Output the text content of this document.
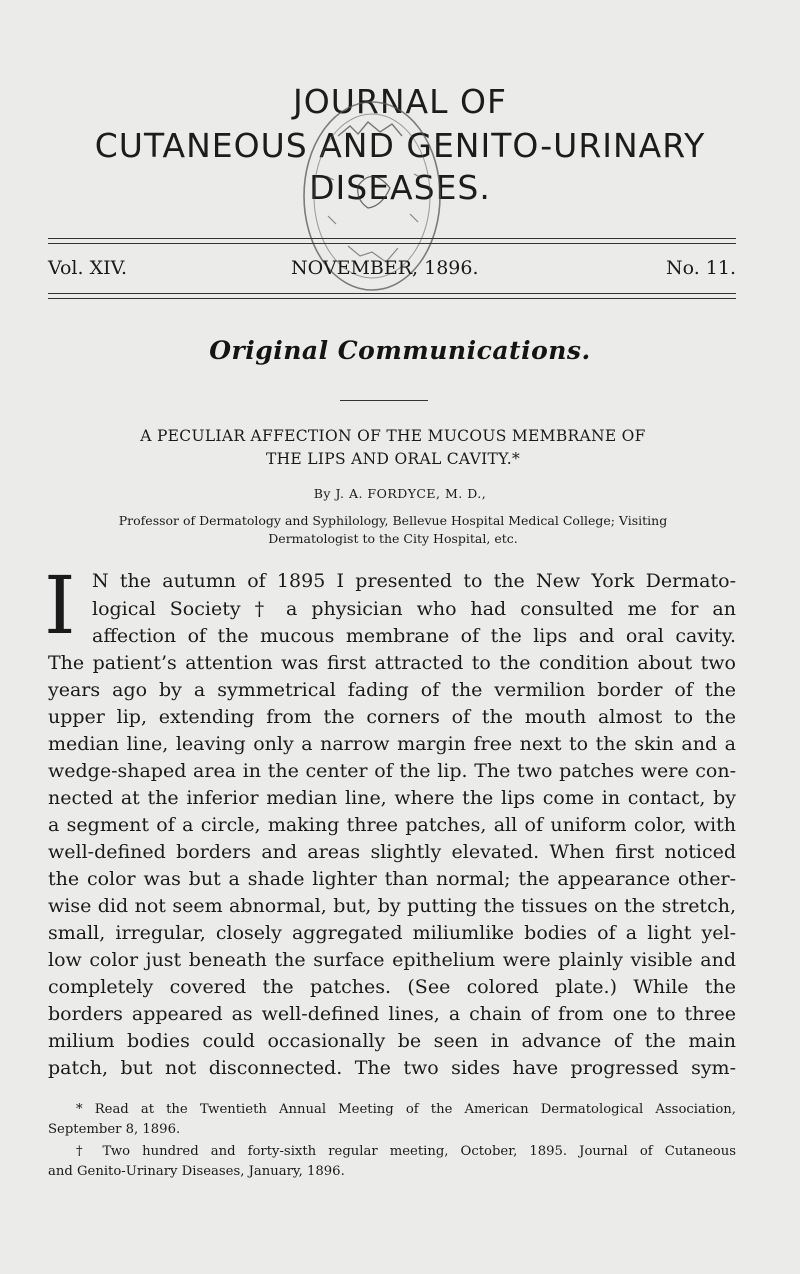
JOURNAL OF
CUTANEOUS AND GENITO-URINARY
DISEASES.
Vol. XIV.	NOVEMBER, 1896.	No. 11.
Original Communications.
A PECULIAR AFFECTION OF THE MUCOUS MEMBRANE OF
THE LIPS AND ORAL CAVITY.*
By J. A. FORDYCE, M. D.,
Professor of Dermatology and Syphilology, Bellevue Hospital Medical College; Visiting
Dermatologist to the City Hospital, etc.
I N the autumn of 1895 I presented to the New York Dermato-
logical Society † a physician who had consulted me for an
affection of the mucous membrane of the lips and oral cavity.
The patient’s attention was first attracted to the condition about two
years ago by a symmetrical fading of the vermilion border of the
upper lip, extending from the corners of the mouth almost to the
median line, leaving only a narrow margin free next to the skin and a
wedge-shaped area in the center of the lip. The two patches were con-
nected at the inferior median line, where the lips come in contact, by
a segment of a circle, making three patches, all of uniform color, with
well-defined borders and areas slightly elevated. When first noticed
the color was but a shade lighter than normal; the appearance other-
wise did not seem abnormal, but, by putting the tissues on the stretch,
small, irregular, closely aggregated miliumlike bodies of a light yel-
low color just beneath the surface epithelium were plainly visible and
completely covered the patches. (See colored plate.) While the
borders appeared as well-defined lines, a chain of from one to three
milium bodies could occasionally be seen in advance of the main
patch, but not disconnected. The two sides have progressed sym-
* Read at the Twentieth Annual Meeting of the American Dermatological Association,
September 8, 1896.
† Two hundred and forty-sixth regular meeting, October, 1895. Journal of Cutaneous
and Genito-Urinary Diseases, January, 1896.
